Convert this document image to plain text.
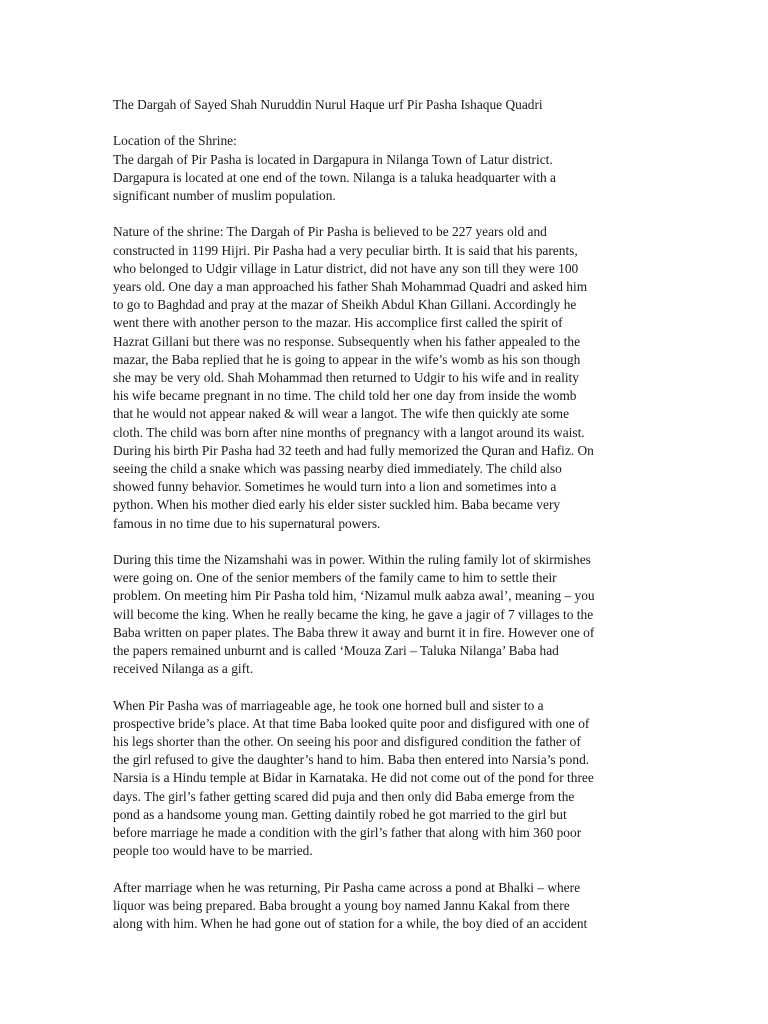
The Dargah of Sayed Shah Nuruddin Nurul Haque urf Pir Pasha Ishaque Quadri

Location of the Shrine:
The dargah of Pir Pasha is located in Dargapura in Nilanga Town of Latur district.
Dargapura is located at one end of the town. Nilanga is a taluka headquarter with a
significant number of muslim population.

Nature of the shrine: The Dargah of Pir Pasha is believed to be 227 years old and
constructed in 1199 Hijri. Pir Pasha had a very peculiar birth. It is said that his parents,
who belonged to Udgir village in Latur district, did not have any son till they were 100
years old. One day a man approached his father Shah Mohammad Quadri and asked him
to go to Baghdad and pray at the mazar of Sheikh Abdul Khan Gillani. Accordingly he
went there with another person to the mazar. His accomplice first called the spirit of
Hazrat Gillani but there was no response. Subsequently when his father appealed to the
mazar, the Baba replied that he is going to appear in the wife’s womb as his son though
she may be very old. Shah Mohammad then returned to Udgir to his wife and in reality
his wife became pregnant in no time. The child told her one day from inside the womb
that he would not appear naked & will wear a langot. The wife then quickly ate some
cloth. The child was born after nine months of pregnancy with a langot around its waist.
During his birth Pir Pasha had 32 teeth and had fully memorized the Quran and Hafiz. On
seeing the child a snake which was passing nearby died immediately. The child also
showed funny behavior. Sometimes he would turn into a lion and sometimes into a
python. When his mother died early his elder sister suckled him. Baba became very
famous in no time due to his supernatural powers.

During this time the Nizamshahi was in power. Within the ruling family lot of skirmishes
were going on. One of the senior members of the family came to him to settle their
problem. On meeting him Pir Pasha told him, ‘Nizamul mulk aabza awal’, meaning – you
will become the king. When he really became the king, he gave a jagir of 7 villages to the
Baba written on paper plates. The Baba threw it away and burnt it in fire. However one of
the papers remained unburnt and is called ‘Mouza Zari – Taluka Nilanga’ Baba had
received Nilanga as a gift.

When Pir Pasha was of marriageable age, he took one horned bull and sister to a
prospective bride’s place. At that time Baba looked quite poor and disfigured with one of
his legs shorter than the other. On seeing his poor and disfigured condition the father of
the girl refused to give the daughter’s hand to him. Baba then entered into Narsia’s pond.
Narsia is a Hindu temple at Bidar in Karnataka. He did not come out of the pond for three
days. The girl’s father getting scared did puja and then only did Baba emerge from the
pond as a handsome young man. Getting daintily robed he got married to the girl but
before marriage he made a condition with the girl’s father that along with him 360 poor
people too would have to be married.

After marriage when he was returning, Pir Pasha came across a pond at Bhalki – where
liquor was being prepared. Baba brought a young boy named Jannu Kakal from there
along with him. When he had gone out of station for a while, the boy died of an accident
